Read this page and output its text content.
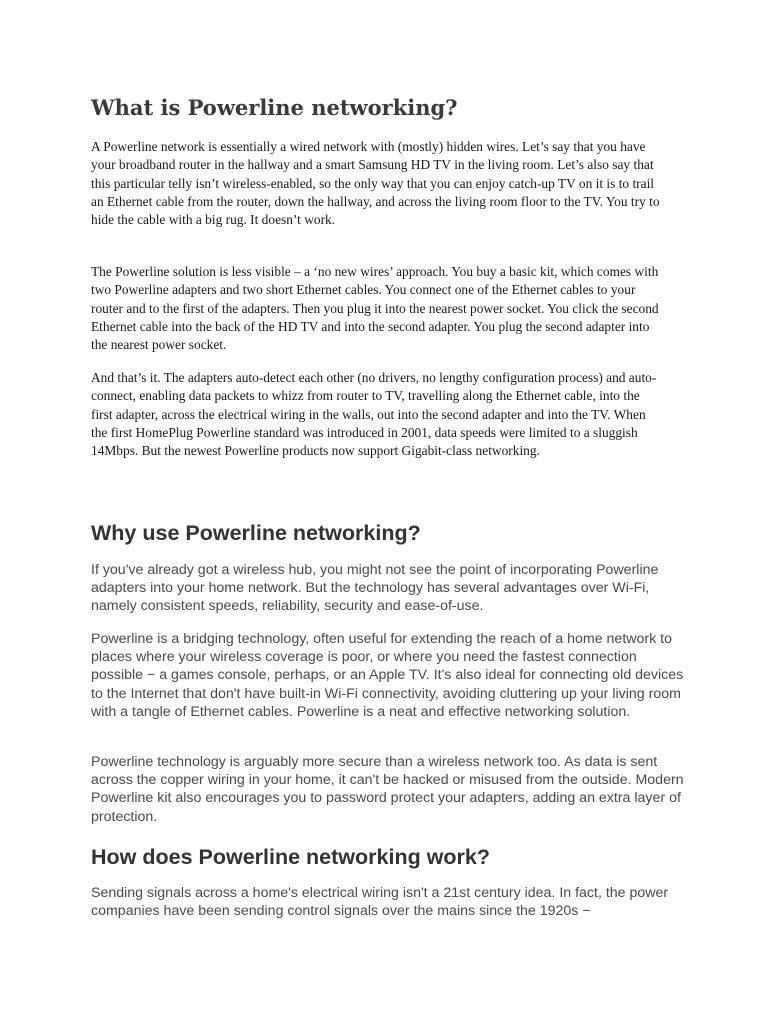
What is Powerline networking?

A Powerline network is essentially a wired network with (mostly) hidden wires. Let’s say that you have your broadband router in the hallway and a smart Samsung HD TV in the living room. Let’s also say that this particular telly isn’t wireless-enabled, so the only way that you can enjoy catch-up TV on it is to trail an Ethernet cable from the router, down the hallway, and across the living room floor to the TV. You try to hide the cable with a big rug. It doesn’t work.

The Powerline solution is less visible – a ‘no new wires’ approach. You buy a basic kit, which comes with two Powerline adapters and two short Ethernet cables. You connect one of the Ethernet cables to your router and to the first of the adapters. Then you plug it into the nearest power socket. You click the second Ethernet cable into the back of the HD TV and into the second adapter. You plug the second adapter into the nearest power socket.

And that’s it. The adapters auto-detect each other (no drivers, no lengthy configuration process) and auto-connect, enabling data packets to whizz from router to TV, travelling along the Ethernet cable, into the first adapter, across the electrical wiring in the walls, out into the second adapter and into the TV. When the first HomePlug Powerline standard was introduced in 2001, data speeds were limited to a sluggish 14Mbps. But the newest Powerline products now support Gigabit-class networking.

Why use Powerline networking?

If you've already got a wireless hub, you might not see the point of incorporating Powerline adapters into your home network. But the technology has several advantages over Wi-Fi, namely consistent speeds, reliability, security and ease-of-use.

Powerline is a bridging technology, often useful for extending the reach of a home network to places where your wireless coverage is poor, or where you need the fastest connection possible − a games console, perhaps, or an Apple TV. It's also ideal for connecting old devices to the Internet that don't have built-in Wi-Fi connectivity, avoiding cluttering up your living room with a tangle of Ethernet cables. Powerline is a neat and effective networking solution.

Powerline technology is arguably more secure than a wireless network too. As data is sent across the copper wiring in your home, it can't be hacked or misused from the outside. Modern Powerline kit also encourages you to password protect your adapters, adding an extra layer of protection.

How does Powerline networking work?

Sending signals across a home's electrical wiring isn't a 21st century idea. In fact, the power companies have been sending control signals over the mains since the 1920s −
